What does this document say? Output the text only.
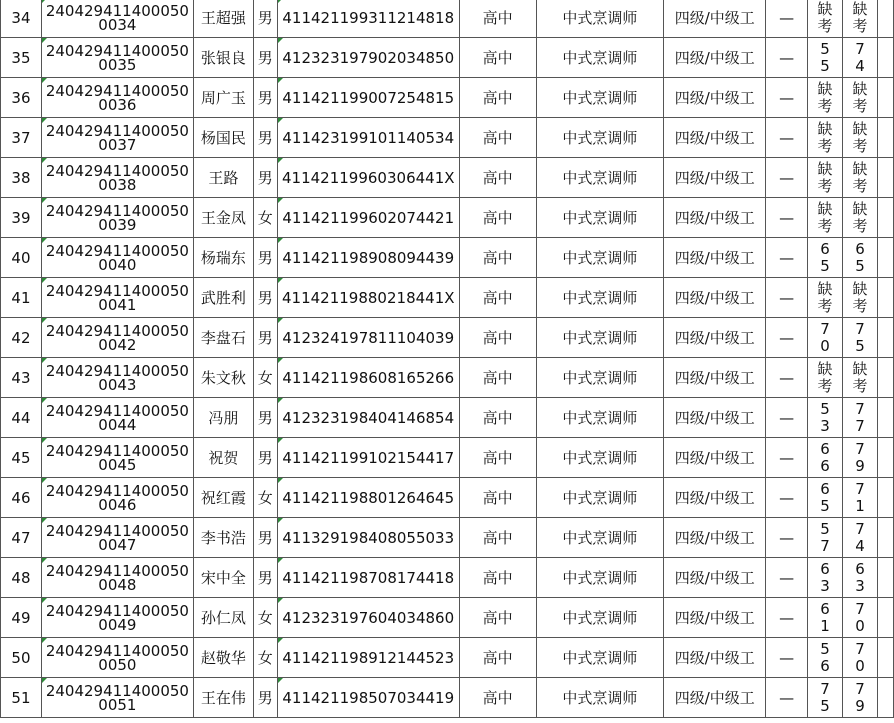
34	2404294114000500034	王超强	男	411421199311214818	高中	中式烹调师	四级/中级工	—	缺考	缺考	

35	2404294114000500035	张银良	男	412323197902034850	高中	中式烹调师	四级/中级工	—	55	74	

36	2404294114000500036	周广玉	男	411421199007254815	高中	中式烹调师	四级/中级工	—	缺考	缺考	

37	2404294114000500037	杨国民	男	411423199101140534	高中	中式烹调师	四级/中级工	—	缺考	缺考	

38	2404294114000500038	王路	男	41142119960306441X	高中	中式烹调师	四级/中级工	—	缺考	缺考	

39	2404294114000500039	王金凤	女	411421199602074421	高中	中式烹调师	四级/中级工	—	缺考	缺考	

40	2404294114000500040	杨瑞东	男	411421198908094439	高中	中式烹调师	四级/中级工	—	65	65	

41	2404294114000500041	武胜利	男	41142119880218441X	高中	中式烹调师	四级/中级工	—	缺考	缺考	

42	2404294114000500042	李盘石	男	412324197811104039	高中	中式烹调师	四级/中级工	—	70	75	

43	2404294114000500043	朱文秋	女	411421198608165266	高中	中式烹调师	四级/中级工	—	缺考	缺考	

44	2404294114000500044	冯朋	男	412323198404146854	高中	中式烹调师	四级/中级工	—	53	77	

45	2404294114000500045	祝贺	男	411421199102154417	高中	中式烹调师	四级/中级工	—	66	79	

46	2404294114000500046	祝红霞	女	411421198801264645	高中	中式烹调师	四级/中级工	—	65	71	

47	2404294114000500047	李书浩	男	411329198408055033	高中	中式烹调师	四级/中级工	—	57	74	

48	2404294114000500048	宋中全	男	411421198708174418	高中	中式烹调师	四级/中级工	—	63	63	

49	2404294114000500049	孙仁凤	女	412323197604034860	高中	中式烹调师	四级/中级工	—	61	70	

50	2404294114000500050	赵敬华	女	411421198912144523	高中	中式烹调师	四级/中级工	—	56	70	

51	2404294114000500051	王在伟	男	411421198507034419	高中	中式烹调师	四级/中级工	—	75	79	
